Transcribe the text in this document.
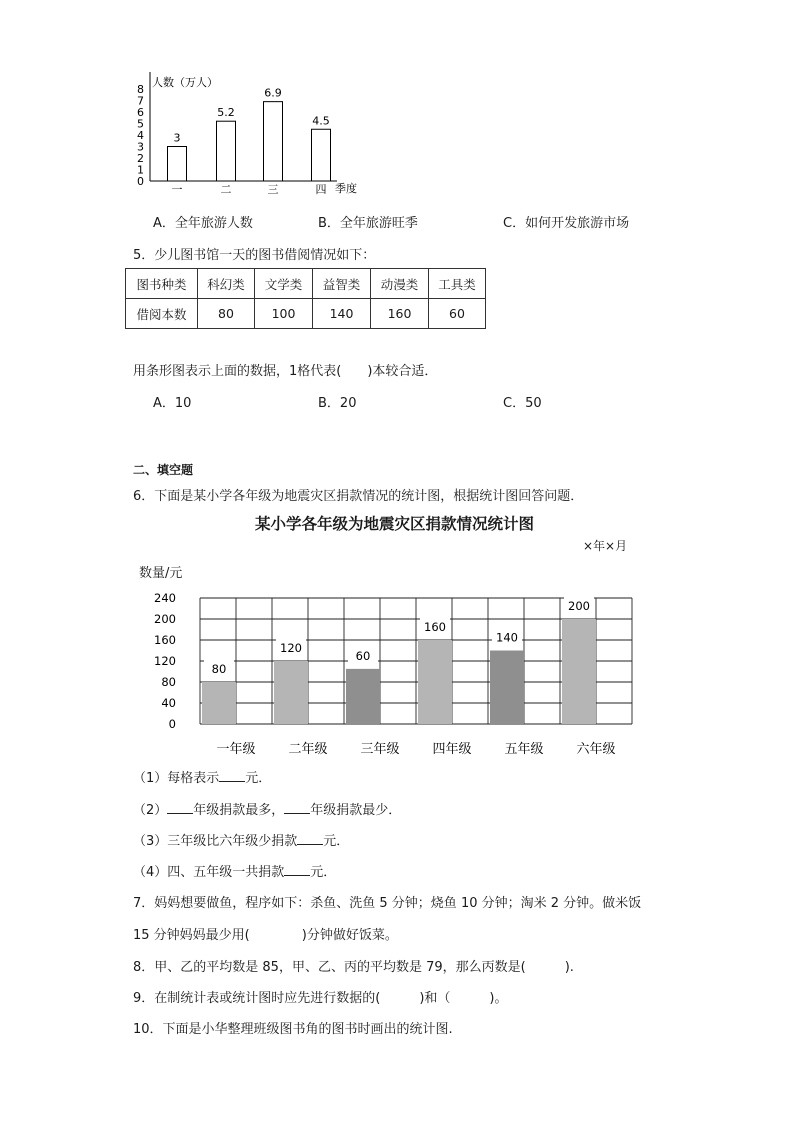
人数（万人）
季度
0
1
2
3
4
5
6
7
8
3
一
5.2
二
6.9
三
4.5
四
A．全年旅游人数	B．全年旅游旺季	C．如何开发旅游市场
5．少儿图书馆一天的图书借阅情况如下：
图书种类	科幻类	文学类	益智类	动漫类	工具类
借阅本数	80	100	140	160	60
用条形图表示上面的数据，1格代表(　　)本较合适．
A．10	B．20	C．50
二、填空题
6．下面是某小学各年级为地震灾区捐款情况的统计图，根据统计图回答问题．
某小学各年级为地震灾区捐款情况统计图
×年×月
数量/元
80
120
60
160
140
200
0
40
80
120
160
200
240
一年级	二年级	三年级	四年级	五年级	六年级
（1）每格表示 元．
（2） 年级捐款最多， 年级捐款最少．
（3）三年级比六年级少捐款 元．
（4）四、五年级一共捐款 元．
7．妈妈想要做鱼，程序如下：杀鱼、洗鱼 5 分钟；烧鱼 10 分钟；淘米 2 分钟。做米饭
15 分钟妈妈最少用(　　　　)分钟做好饭菜。
8．甲、乙的平均数是 85，甲、乙、丙的平均数是 79，那么丙数是(　　　).
9．在制统计表或统计图时应先进行数据的(　　　)和（　　　)。
10．下面是小华整理班级图书角的图书时画出的统计图.
